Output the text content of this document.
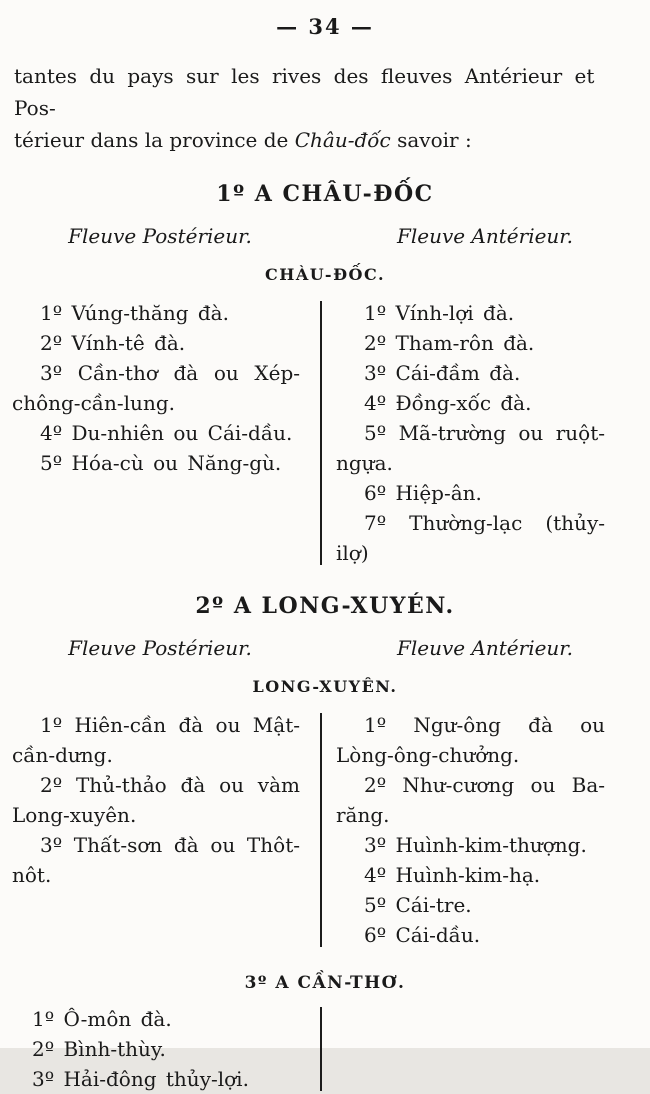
— 34 —

tantes du pays sur les rives des fleuves Antérieur et Pos-
térieur dans la province de Châu-đốc savoir :

1º A CHÂU-ĐỐC
Fleuve Postérieur.	Fleuve Antérieur.
CHÀU-ĐỐC.

1º Vúng-thăng đà.

2º Vính-tê đà.

3º Cần-thơ đà ou Xép-chông-cần-lung.

4º Du-nhiên ou Cái-dầu.

5º Hóa-cù ou Năng-gù.

1º Vính-lợi đà.

2º Tham-rôn đà.

3º Cái-đầm đà.

4º Đồng-xốc đà.

5º Mã-trường ou ruột-ngựa.

6º Hiệp-ân.

7º Thường-lạc (thủy-ilợ)

2º A LONG-XUYÉN.
Fleuve Postérieur.	Fleuve Antérieur.
LONG-XUYÊN.

1º Hiên-cần đà ou Mật-cần-dưng.

2º Thủ-thảo đà ou vàm Long-xuyên.

3º Thất-sơn đà ou Thôt-nôt.

1º Ngư-ông đà ou Lòng-ông-chưởng.

2º Như-cương ou Ba-răng.

3º Huình-kim-thượng.

4º Huình-kim-hạ.

5º Cái-tre.

6º Cái-dầu.

3º A CẦN-THƠ.

1º Ô-môn đà.

2º Bình-thùy.

3º Hải-đông thủy-lợi.
